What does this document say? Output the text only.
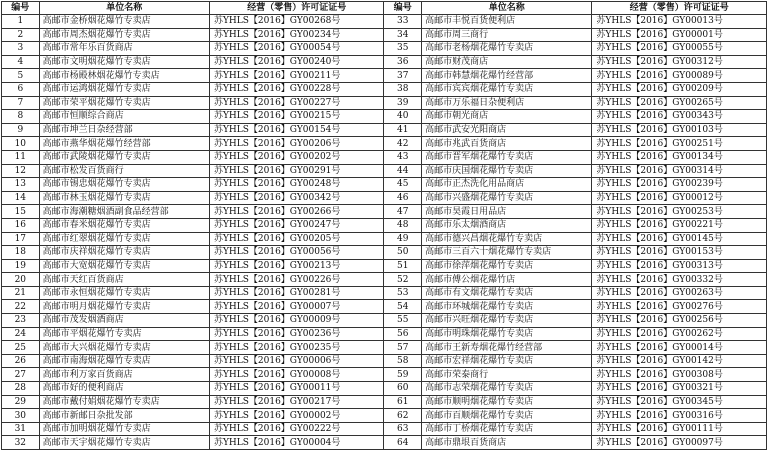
编号	单位名称	经营（零售）许可证证号	编号	单位名称	经营（零售）许可证证号
1	高邮市金桥烟花爆竹专卖店	苏YHLS【2016】GY00268号	33	高邮市丰悦百货便利店	苏YHLS【2016】GY00013号
2	高邮市周杰烟花爆竹专卖店	苏YHLS【2016】GY00234号	34	高邮市周三商行	苏YHLS【2016】GY00001号
3	高邮市常年乐百货商店	苏YHLS【2016】GY00054号	35	高邮市老杨烟花爆竹专卖店	苏YHLS【2016】GY00055号
4	高邮市文明烟花爆竹专卖店	苏YHLS【2016】GY00240号	36	高邮市财茂商店	苏YHLS【2016】GY00312号
5	高邮市杨殿林烟花爆竹专卖店	苏YHLS【2016】GY00211号	37	高邮市韩慧烟花爆竹经营部	苏YHLS【2016】GY00089号
6	高邮市运鸿烟花爆竹专卖店	苏YHLS【2016】GY00228号	38	高邮市宾宾烟花爆竹专卖店	苏YHLS【2016】GY00209号
7	高邮市荣平烟花爆竹专卖店	苏YHLS【2016】GY00227号	39	高邮市万乐福日杂便利店	苏YHLS【2016】GY00265号
8	高邮市恒顺综合商店	苏YHLS【2016】GY00215号	40	高邮市朝光商店	苏YHLS【2016】GY00343号
9	高邮市坤兰日杂经营部	苏YHLS【2016】GY00154号	41	高邮市武安光阳商店	苏YHLS【2016】GY00103号
10	高邮市燕华烟花爆竹经营部	苏YHLS【2016】GY00206号	42	高邮市兆武百货商店	苏YHLS【2016】GY00251号
11	高邮市武陵烟花爆竹专卖店	苏YHLS【2016】GY00202号	43	高邮市晋军烟花爆竹专卖店	苏YHLS【2016】GY00134号
12	高邮市松发百货商行	苏YHLS【2016】GY00291号	44	高邮市庆国烟花爆竹专卖店	苏YHLS【2016】GY00314号
13	高邮市锡忠烟花爆竹专卖店	苏YHLS【2016】GY00248号	45	高邮市正杰洗化用品商店	苏YHLS【2016】GY00239号
14	高邮市林玉烟花爆竹专卖店	苏YHLS【2016】GY00342号	46	高邮市兴盛烟花爆竹专卖店	苏YHLS【2016】GY00012号
15	高邮市海潮糖烟酒副食品经营部	苏YHLS【2016】GY00266号	47	高邮市昊霞日用品店	苏YHLS【2016】GY00253号
16	高邮市春米烟花爆竹专卖店	苏YHLS【2016】GY00247号	48	高邮市乐太烟酒商店	苏YHLS【2016】GY00221号
17	高邮市红翠烟花爆竹专卖店	苏YHLS【2016】GY00205号	49	高邮市德兴昌烟花爆竹专卖店	苏YHLS【2016】GY00145号
18	高邮市庆祥烟花爆竹专卖店	苏YHLS【2016】GY00056号	50	高邮市三百六十烟花爆竹专卖店	苏YHLS【2016】GY00153号
19	高邮市大宽烟花爆竹专卖店	苏YHLS【2016】GY00213号	51	高邮市徐萍烟花爆竹专卖店	苏YHLS【2016】GY00313号
20	高邮市天红百货商店	苏YHLS【2016】GY00226号	52	高邮市傅公烟花爆竹店	苏YHLS【2016】GY00332号
21	高邮市永恒烟花爆竹专卖店	苏YHLS【2016】GY00281号	53	高邮市有文烟花爆竹专卖店	苏YHLS【2016】GY00263号
22	高邮市明月烟花爆竹专卖店	苏YHLS【2016】GY00007号	54	高邮市环城烟花爆竹专卖店	苏YHLS【2016】GY00276号
23	高邮市茂发烟酒商店	苏YHLS【2016】GY00009号	55	高邮市兴旺烟花爆竹专卖店	苏YHLS【2016】GY00256号
24	高邮市平烟花爆竹专卖店	苏YHLS【2016】GY00236号	56	高邮市明珠烟花爆竹专卖店	苏YHLS【2016】GY00262号
25	高邮市大兴烟花爆竹专卖店	苏YHLS【2016】GY00235号	57	高邮市王新寿烟花爆竹经营部	苏YHLS【2016】GY00014号
26	高邮市南海烟花爆竹专卖店	苏YHLS【2016】GY00006号	58	高邮市宏祥烟花爆竹专卖店	苏YHLS【2016】GY00142号
27	高邮市利万家百货商店	苏YHLS【2016】GY00008号	59	高邮市荣泰商行	苏YHLS【2016】GY00308号
28	高邮市好的便利商店	苏YHLS【2016】GY00011号	60	高邮市志荣烟花爆竹专卖店	苏YHLS【2016】GY00321号
29	高邮市戴付娟烟花爆竹专卖店	苏YHLS【2016】GY00217号	61	高邮市顺明烟花爆竹专卖店	苏YHLS【2016】GY00345号
30	高邮市新邮日杂批发部	苏YHLS【2016】GY00002号	62	高邮市百顺烟花爆竹专卖店	苏YHLS【2016】GY00316号
31	高邮市加明烟花爆竹专卖店	苏YHLS【2016】GY00222号	63	高邮市丁桥烟花爆竹专卖店	苏YHLS【2016】GY00111号
32	高邮市天宇烟花爆竹专卖店	苏YHLS【2016】GY00004号	64	高邮市鼎垠百货商店	苏YHLS【2016】GY00097号
